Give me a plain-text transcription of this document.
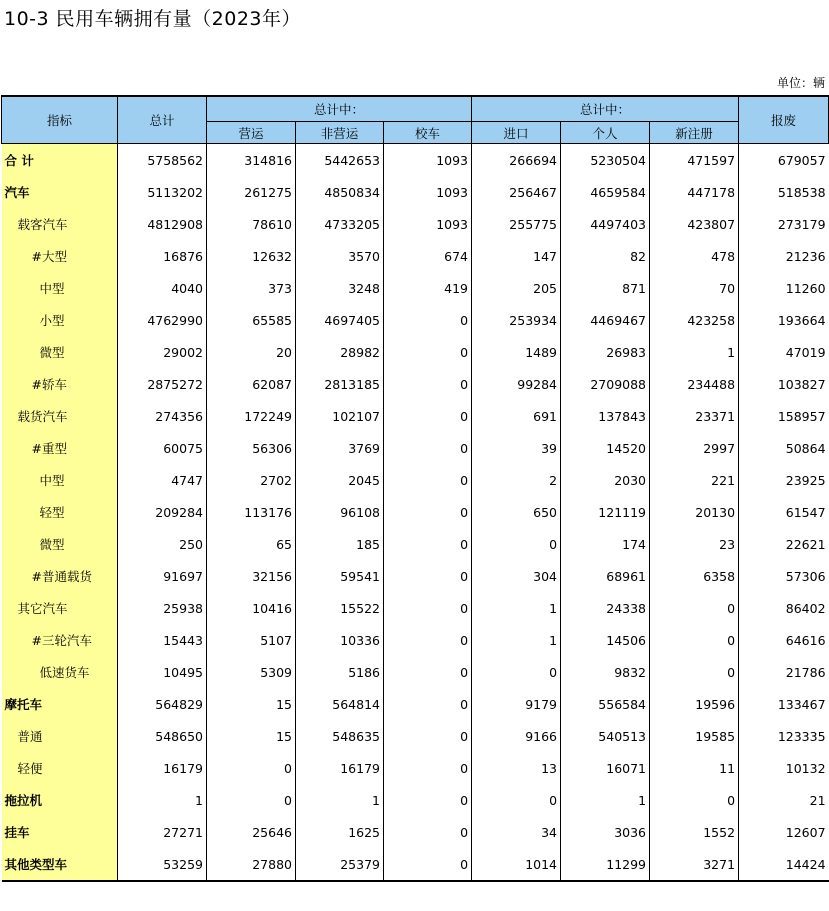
10-3 民用车辆拥有量（2023年）
单位：辆
指标	总计	总计中：			总计中：			报废
		营运	非营运	校车	进口	个人	新注册	
合 计	5758562	314816	5442653	1093	266694	5230504	471597	679057
汽车	5113202	261275	4850834	1093	256467	4659584	447178	518538
载客汽车	4812908	78610	4733205	1093	255775	4497403	423807	273179
#大型	16876	12632	3570	674	147	82	478	21236
中型	4040	373	3248	419	205	871	70	11260
小型	4762990	65585	4697405	0	253934	4469467	423258	193664
微型	29002	20	28982	0	1489	26983	1	47019
#轿车	2875272	62087	2813185	0	99284	2709088	234488	103827
载货汽车	274356	172249	102107	0	691	137843	23371	158957
#重型	60075	56306	3769	0	39	14520	2997	50864
中型	4747	2702	2045	0	2	2030	221	23925
轻型	209284	113176	96108	0	650	121119	20130	61547
微型	250	65	185	0	0	174	23	22621
#普通载货	91697	32156	59541	0	304	68961	6358	57306
其它汽车	25938	10416	15522	0	1	24338	0	86402
#三轮汽车	15443	5107	10336	0	1	14506	0	64616
低速货车	10495	5309	5186	0	0	9832	0	21786
摩托车	564829	15	564814	0	9179	556584	19596	133467
普通	548650	15	548635	0	9166	540513	19585	123335
轻便	16179	0	16179	0	13	16071	11	10132
拖拉机	1	0	1	0	0	1	0	21
挂车	27271	25646	1625	0	34	3036	1552	12607
其他类型车	53259	27880	25379	0	1014	11299	3271	14424
